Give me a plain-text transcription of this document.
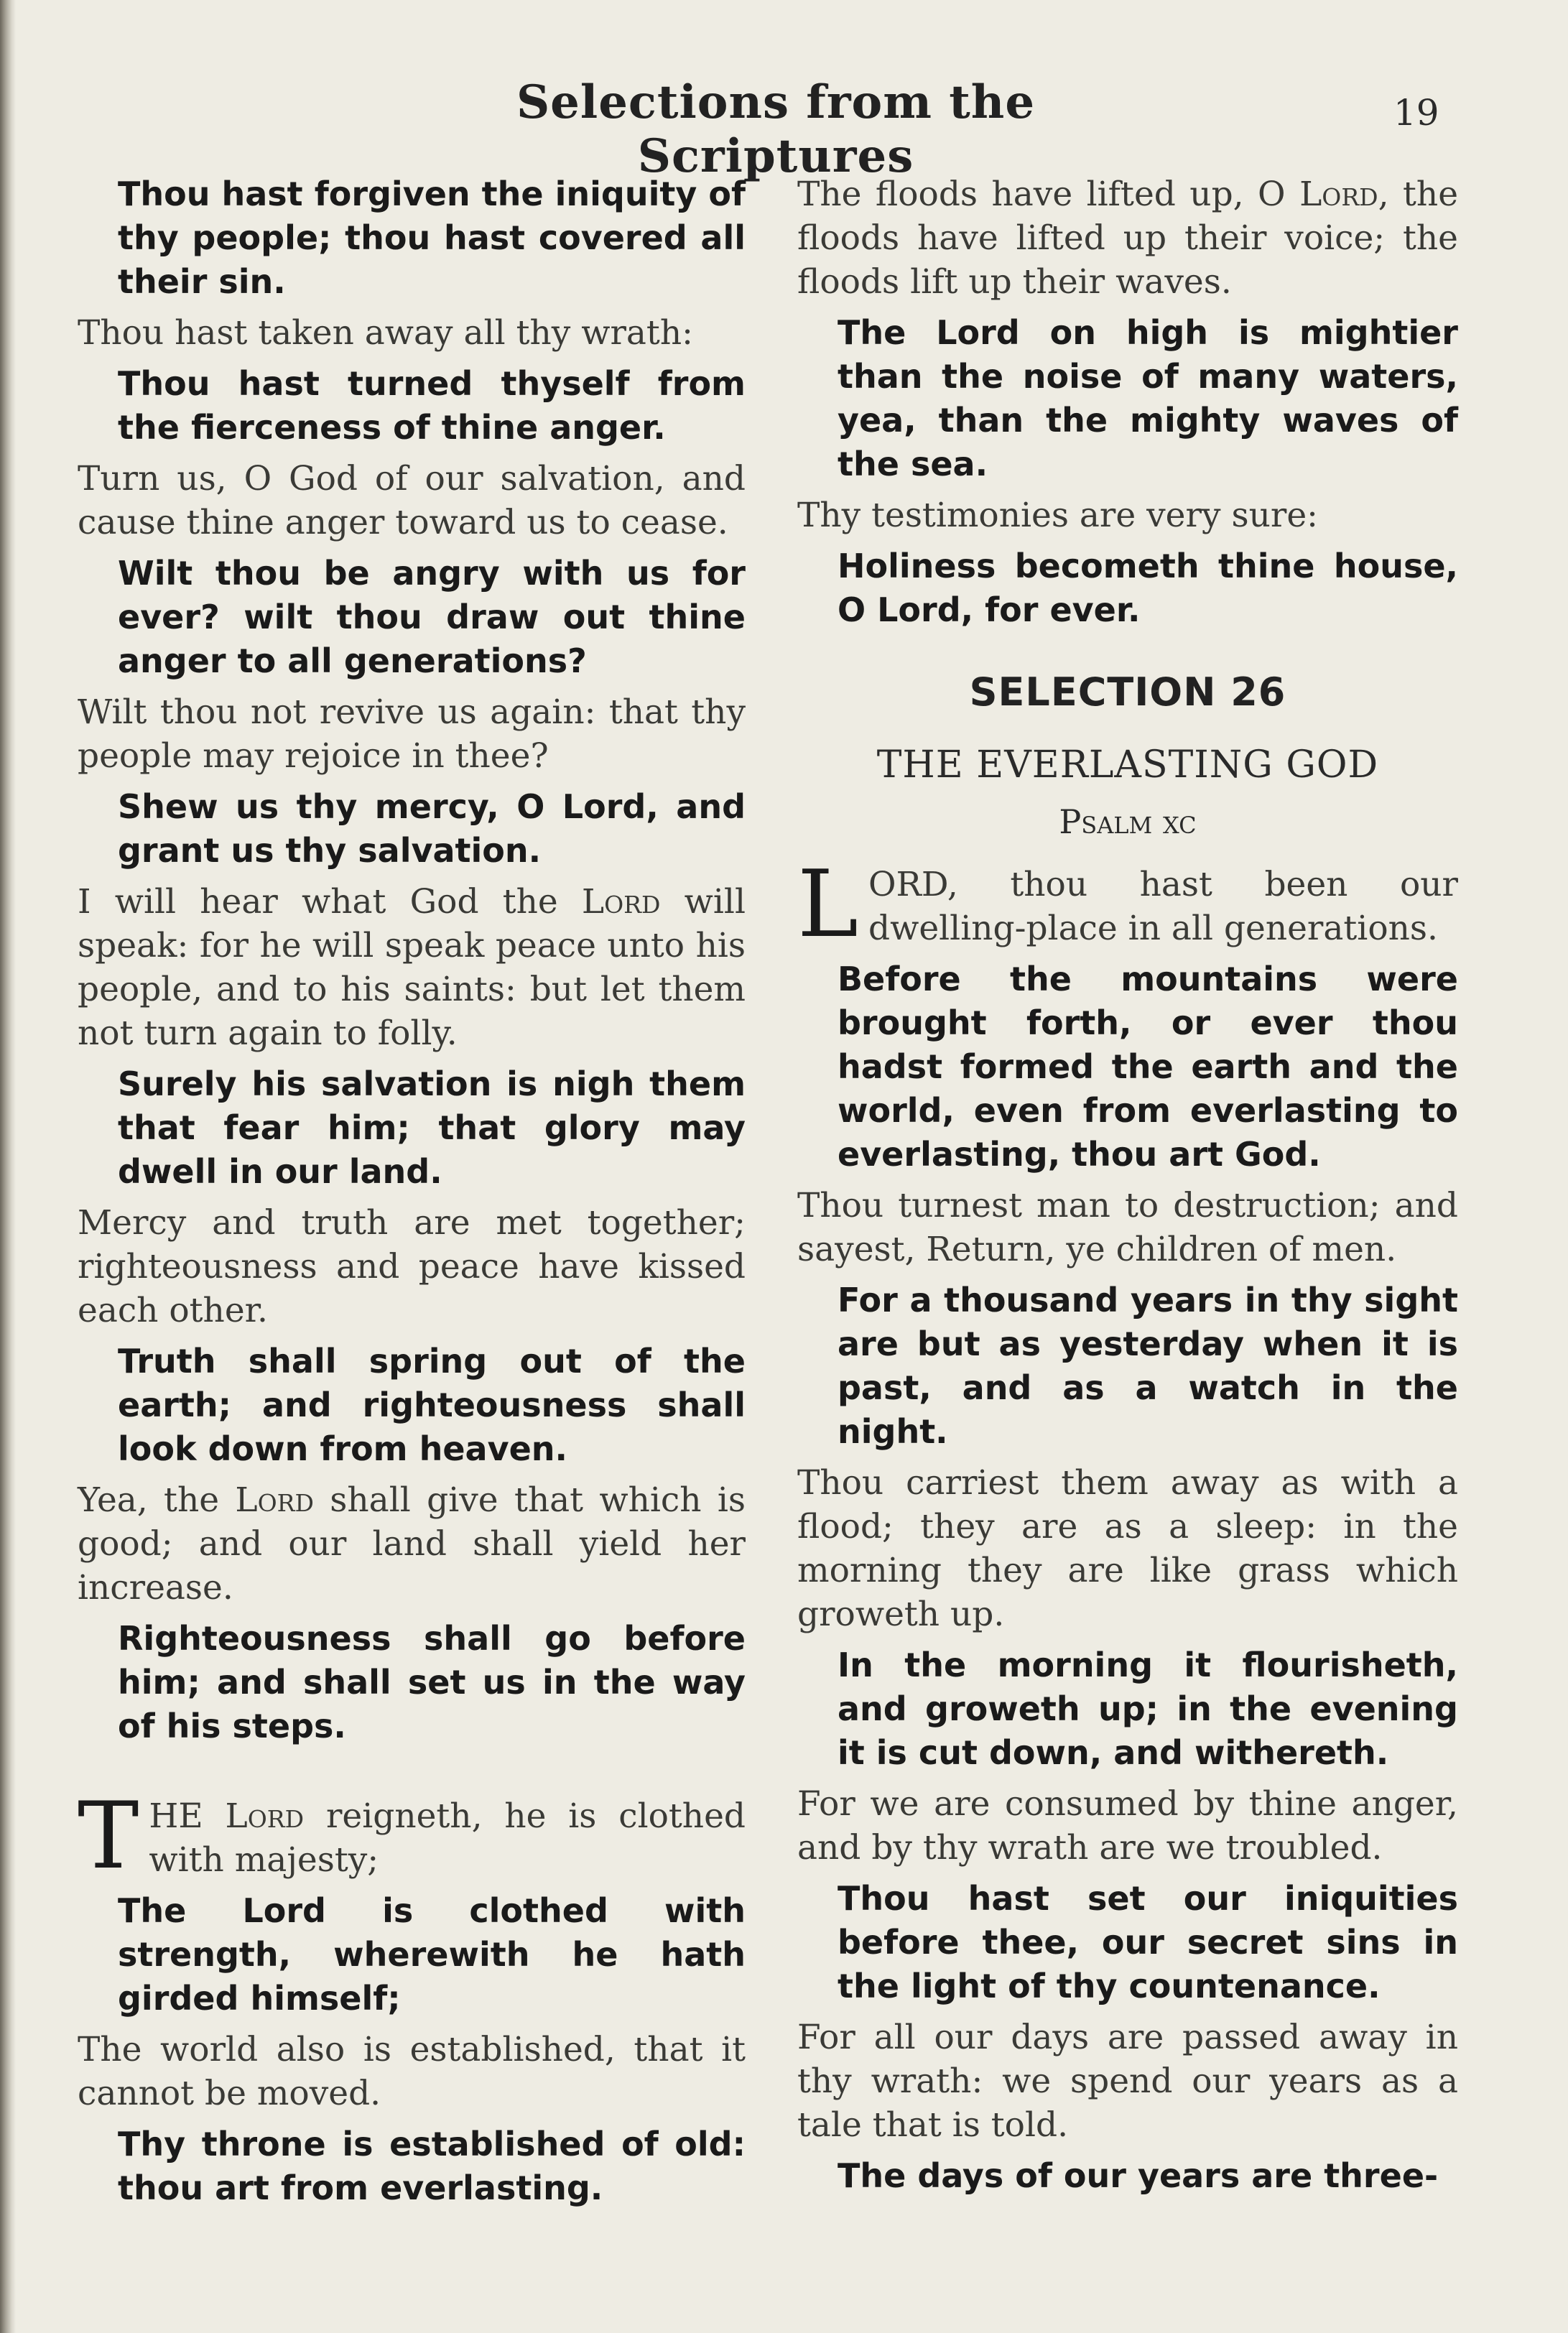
Selections from the Scriptures
19

Thou hast forgiven the iniquity of thy people; thou hast covered all their sin.

Thou hast taken away all thy wrath:

Thou hast turned thyself from the fierceness of thine anger.

Turn us, O God of our salvation, and cause thine anger toward us to cease.

Wilt thou be angry with us for ever? wilt thou draw out thine anger to all generations?

Wilt thou not revive us again: that thy people may rejoice in thee?

Shew us thy mercy, O Lord, and grant us thy salvation.

I will hear what God the Lord will speak: for he will speak peace unto his people, and to his saints: but let them not turn again to folly.

Surely his salvation is nigh them that fear him; that glory may dwell in our land.

Mercy and truth are met together; righteousness and peace have kissed each other.

Truth shall spring out of the earth; and righteousness shall look down from heaven.

Yea, the Lord shall give that which is good; and our land shall yield her increase.

Righteousness shall go before him; and shall set us in the way of his steps.

THE Lord reigneth, he is clothed with majesty;

The Lord is clothed with strength, wherewith he hath girded himself;

The world also is established, that it cannot be moved.

Thy throne is established of old: thou art from everlasting.

The floods have lifted up, O Lord, the floods have lifted up their voice; the floods lift up their waves.

The Lord on high is mightier than the noise of many waters, yea, than the mighty waves of the sea.

Thy testimonies are very sure:

Holiness becometh thine house, O Lord, for ever.

SELECTION 26
THE EVERLASTING GOD
Psalm xc

LORD, thou hast been our dwelling-place in all generations.

Before the mountains were brought forth, or ever thou hadst formed the earth and the world, even from everlasting to everlasting, thou art God.

Thou turnest man to destruction; and sayest, Return, ye children of men.

For a thousand years in thy sight are but as yesterday when it is past, and as a watch in the night.

Thou carriest them away as with a flood; they are as a sleep: in the morning they are like grass which groweth up.

In the morning it flourisheth, and groweth up; in the evening it is cut down, and withereth.

For we are consumed by thine anger, and by thy wrath are we troubled.

Thou hast set our iniquities before thee, our secret sins in the light of thy countenance.

For all our days are passed away in thy wrath: we spend our years as a tale that is told.

The days of our years are three-
